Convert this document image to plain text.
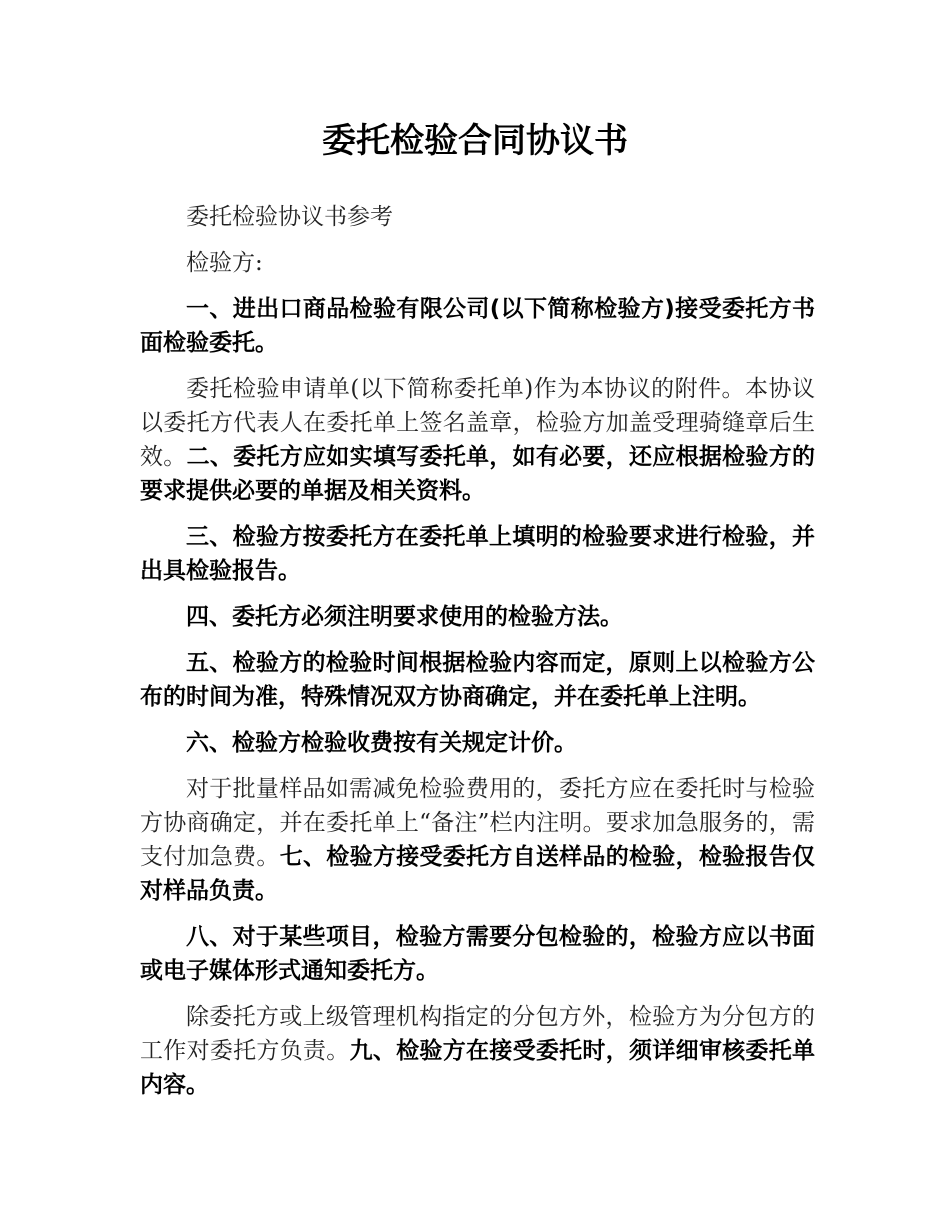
委托检验合同协议书

委托检验协议书参考

检验方:

一、进出口商品检验有限公司(以下简称检验方)接受委托方书面检验委托。

委托检验申请单(以下简称委托单)作为本协议的附件。本协议以委托方代表人在委托单上签名盖章，检验方加盖受理骑缝章后生效。二、委托方应如实填写委托单，如有必要，还应根据检验方的要求提供必要的单据及相关资料。

三、检验方按委托方在委托单上填明的检验要求进行检验，并出具检验报告。

四、委托方必须注明要求使用的检验方法。

五、检验方的检验时间根据检验内容而定，原则上以检验方公布的时间为准，特殊情况双方协商确定，并在委托单上注明。

六、检验方检验收费按有关规定计价。

对于批量样品如需减免检验费用的，委托方应在委托时与检验方协商确定，并在委托单上“备注”栏内注明。要求加急服务的，需支付加急费。七、检验方接受委托方自送样品的检验，检验报告仅对样品负责。

八、对于某些项目，检验方需要分包检验的，检验方应以书面或电子媒体形式通知委托方。

除委托方或上级管理机构指定的分包方外，检验方为分包方的工作对委托方负责。九、检验方在接受委托时，须详细审核委托单内容。
